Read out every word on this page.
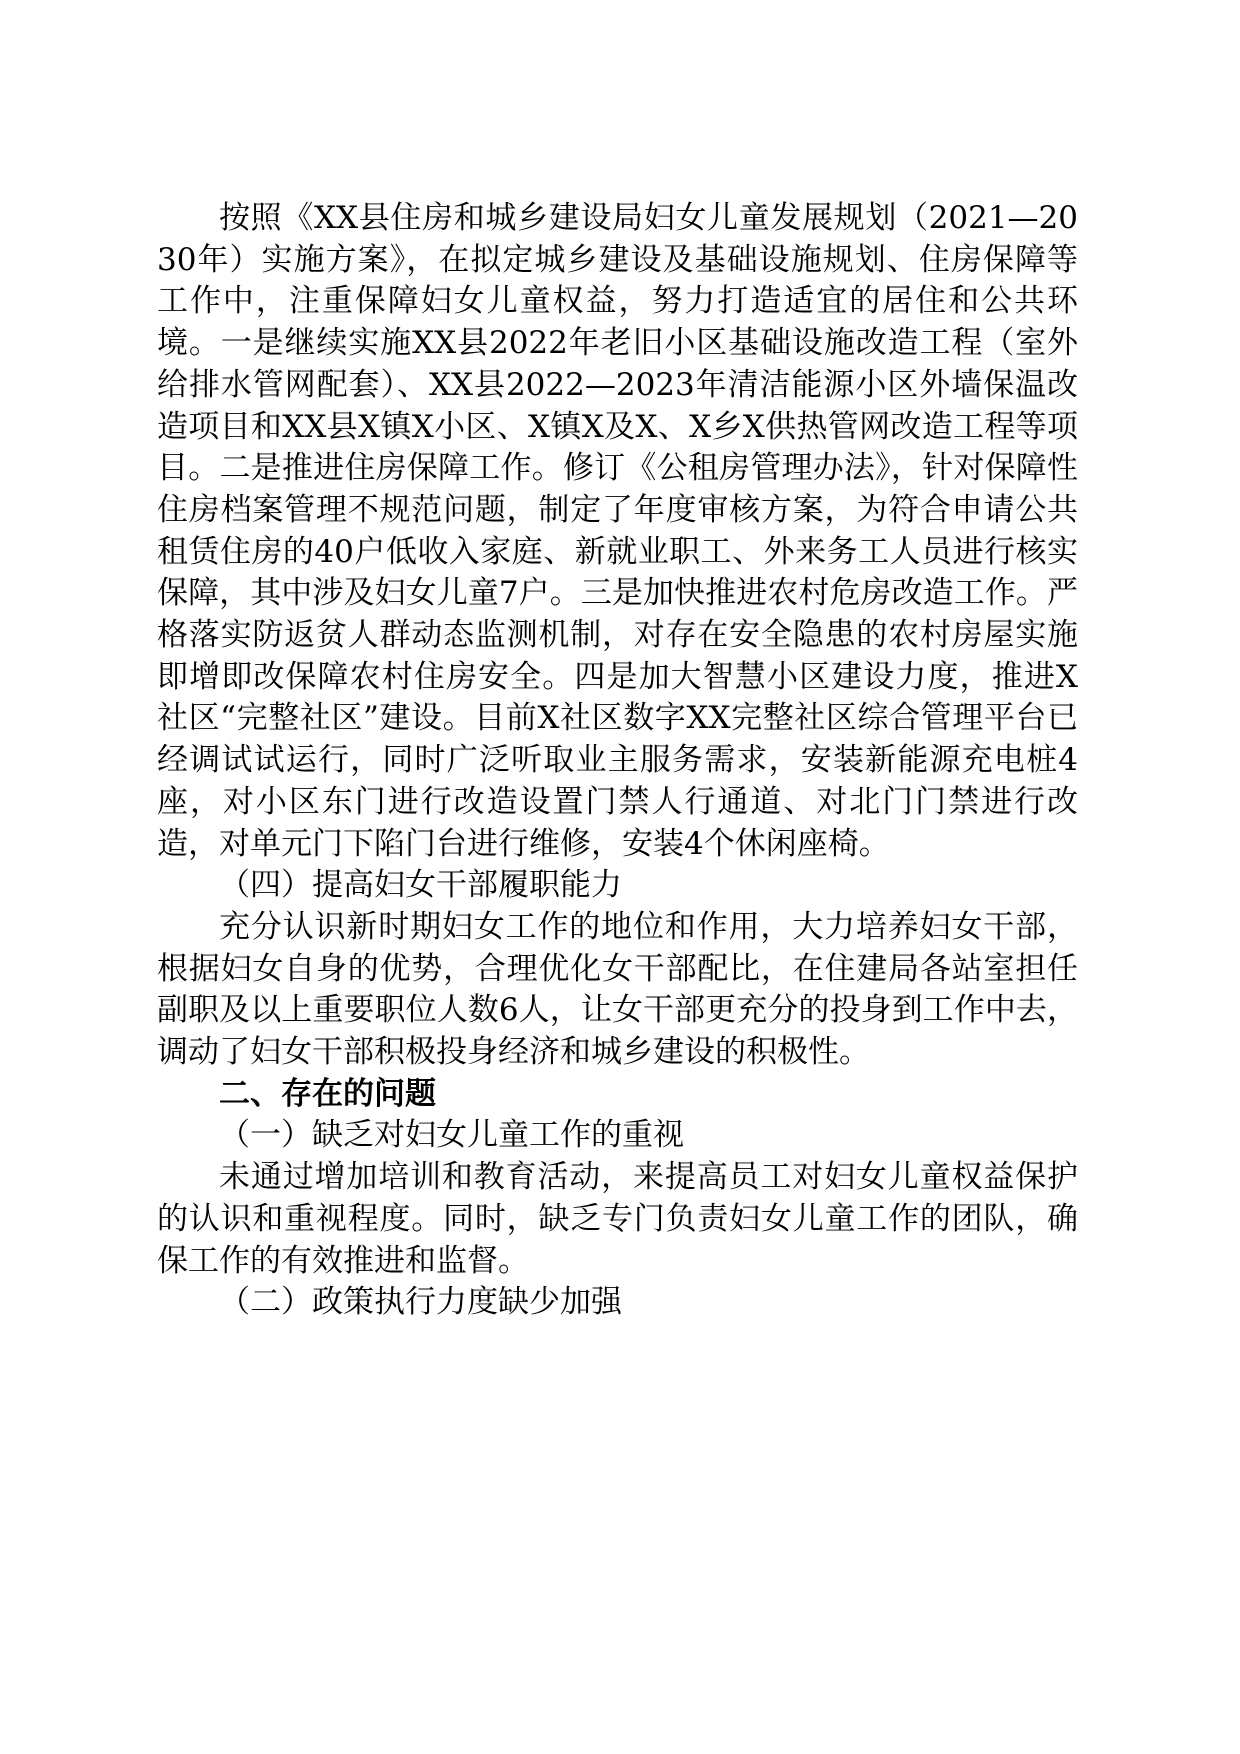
按照《XX县住房和城乡建设局妇女儿童发展规划（2021—2030年）实施方案》，在拟定城乡建设及基础设施规划、住房保障等工作中，注重保障妇女儿童权益，努力打造适宜的居住和公共环境。一是继续实施XX县2022年老旧小区基础设施改造工程（室外给排水管网配套）、XX县2022—2023年清洁能源小区外墙保温改造项目和XX县X镇X小区、X镇X及X、X乡X供热管网改造工程等项目。二是推进住房保障工作。修订《公租房管理办法》，针对保障性住房档案管理不规范问题，制定了年度审核方案，为符合申请公共租赁住房的40户低收入家庭、新就业职工、外来务工人员进行核实保障，其中涉及妇女儿童7户。三是加快推进农村危房改造工作。严格落实防返贫人群动态监测机制，对存在安全隐患的农村房屋实施即增即改保障农村住房安全。四是加大智慧小区建设力度，推进X社区“完整社区”建设。目前X社区数字XX完整社区综合管理平台已经调试试运行，同时广泛听取业主服务需求，安装新能源充电桩4座，对小区东门进行改造设置门禁人行通道、对北门门禁进行改造，对单元门下陷门台进行维修，安装4个休闲座椅。

（四）提高妇女干部履职能力

充分认识新时期妇女工作的地位和作用，大力培养妇女干部，根据妇女自身的优势，合理优化女干部配比，在住建局各站室担任副职及以上重要职位人数6人，让女干部更充分的投身到工作中去，调动了妇女干部积极投身经济和城乡建设的积极性。

二、存在的问题

（一）缺乏对妇女儿童工作的重视

未通过增加培训和教育活动，来提高员工对妇女儿童权益保护的认识和重视程度。同时，缺乏专门负责妇女儿童工作的团队，确保工作的有效推进和监督。

（二）政策执行力度缺少加强
